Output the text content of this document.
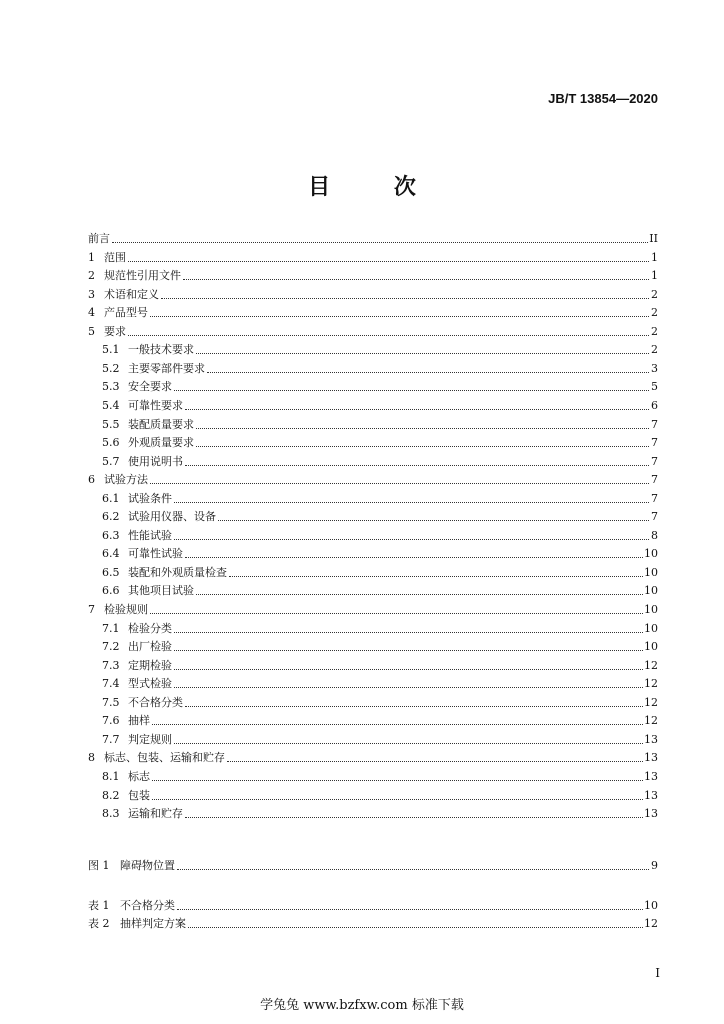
JB/T 13854—2020
目 次
前言	II
1 范围	1
2 规范性引用文件	1
3 术语和定义	2
4 产品型号	2
5 要求	2
5.1 一般技术要求	2
5.2 主要零部件要求	3
5.3 安全要求	5
5.4 可靠性要求	6
5.5 装配质量要求	7
5.6 外观质量要求	7
5.7 使用说明书	7
6 试验方法	7
6.1 试验条件	7
6.2 试验用仪器、设备	7
6.3 性能试验	8
6.4 可靠性试验	10
6.5 装配和外观质量检查	10
6.6 其他项目试验	10
7 检验规则	10
7.1 检验分类	10
7.2 出厂检验	10
7.3 定期检验	12
7.4 型式检验	12
7.5 不合格分类	12
7.6 抽样	12
7.7 判定规则	13
8 标志、包装、运输和贮存	13
8.1 标志	13
8.2 包装	13
8.3 运输和贮存	13
图 1 障碍物位置	9
表 1 不合格分类	10
表 2 抽样判定方案	12
I
学兔兔 www.bzfxw.com 标准下载
